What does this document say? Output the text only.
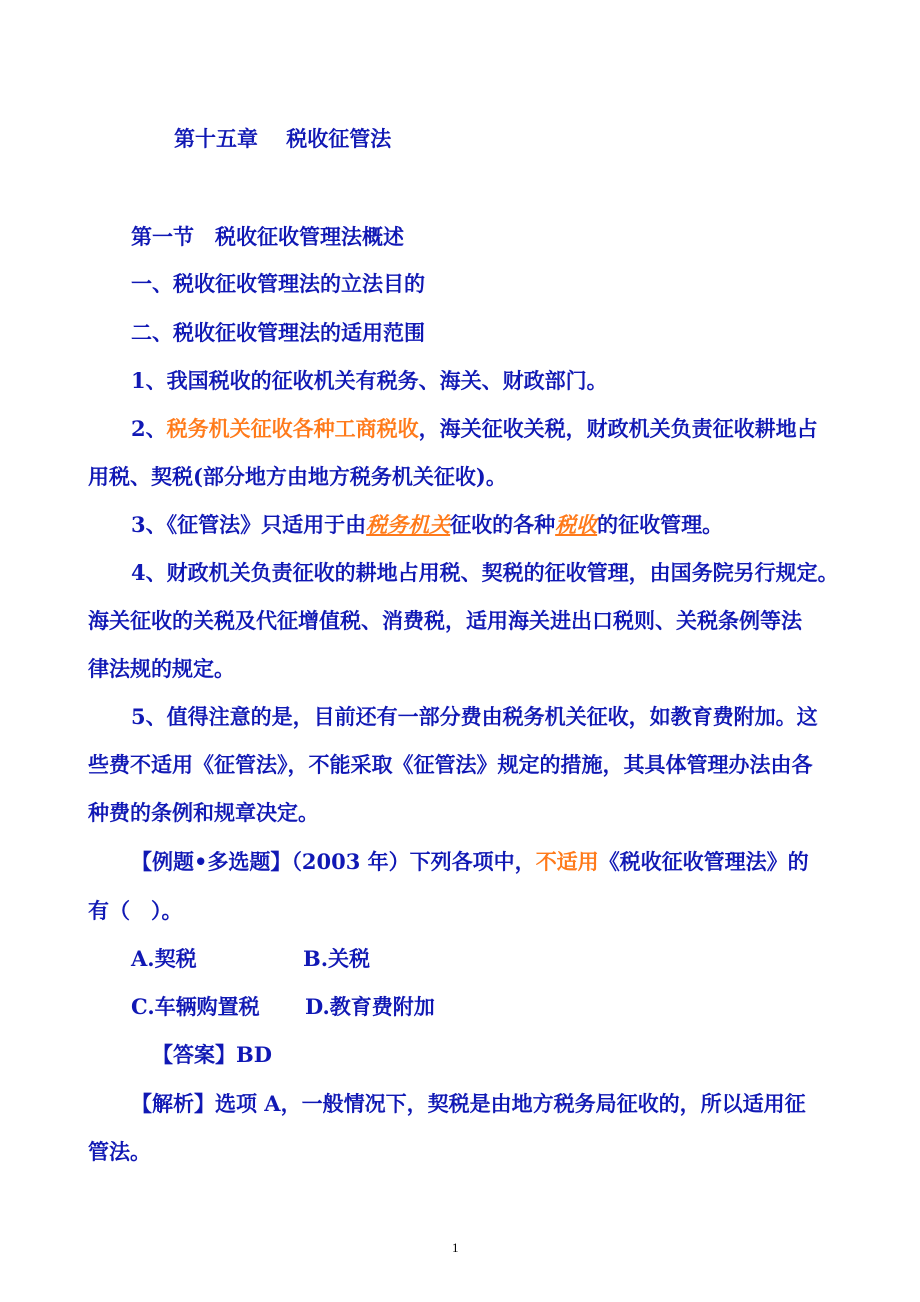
第十五章　 税收征管法
第一节　税收征收管理法概述
一、税收征收管理法的立法目的
二、税收征收管理法的适用范围
1、我国税收的征收机关有税务、海关、财政部门。
2、税务机关征收各种工商税收，海关征收关税，财政机关负责征收耕地占
用税、契税(部分地方由地方税务机关征收)。
3、《征管法》只适用于由税务机关征收的各种税收的征收管理。
4、财政机关负责征收的耕地占用税、契税的征收管理，由国务院另行规定。
海关征收的关税及代征增值税、消费税，适用海关进出口税则、关税条例等法
律法规的规定。
5、值得注意的是，目前还有一部分费由税务机关征收，如教育费附加。这
些费不适用《征管法》，不能采取《征管法》规定的措施，其具体管理办法由各
种费的条例和规章决定。
【例题•多选题】（2003 年）下列各项中，不适用《税收征收管理法》的
有（　）。
A.契税	B.关税
C.车辆购置税 D.教育费附加
【答案】BD
【解析】选项 A，一般情况下，契税是由地方税务局征收的，所以适用征
管法。
1
